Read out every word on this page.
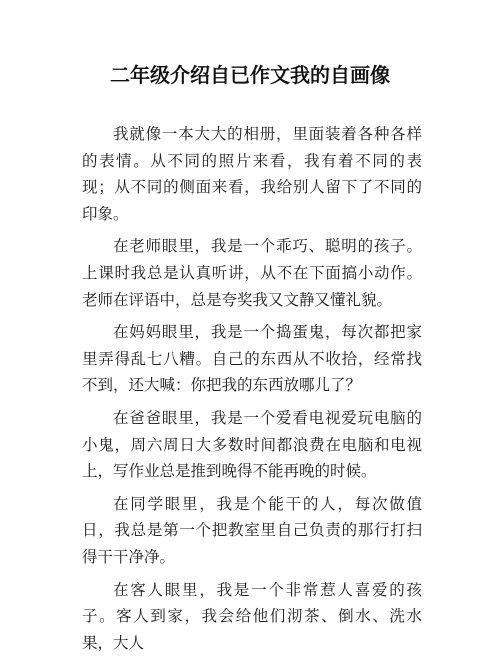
二年级介绍自已作文我的自画像

我就像一本大大的相册，里面装着各种各样的表情。从不同的照片来看，我有着不同的表现；从不同的侧面来看，我给别人留下了不同的印象。

在老师眼里，我是一个乖巧、聪明的孩子。上课时我总是认真听讲，从不在下面搞小动作。老师在评语中，总是夸奖我又文静又懂礼貌。

在妈妈眼里，我是一个捣蛋鬼，每次都把家里弄得乱七八糟。自己的东西从不收拾，经常找不到，还大喊：你把我的东西放哪儿了？

在爸爸眼里，我是一个爱看电视爱玩电脑的小鬼，周六周日大多数时间都浪费在电脑和电视上，写作业总是推到晚得不能再晚的时候。

在同学眼里，我是个能干的人，每次做值日，我总是第一个把教室里自己负责的那行打扫得干干净净。

在客人眼里，我是一个非常惹人喜爱的孩子。客人到家，我会给他们沏茶、倒水、洗水果，大人
